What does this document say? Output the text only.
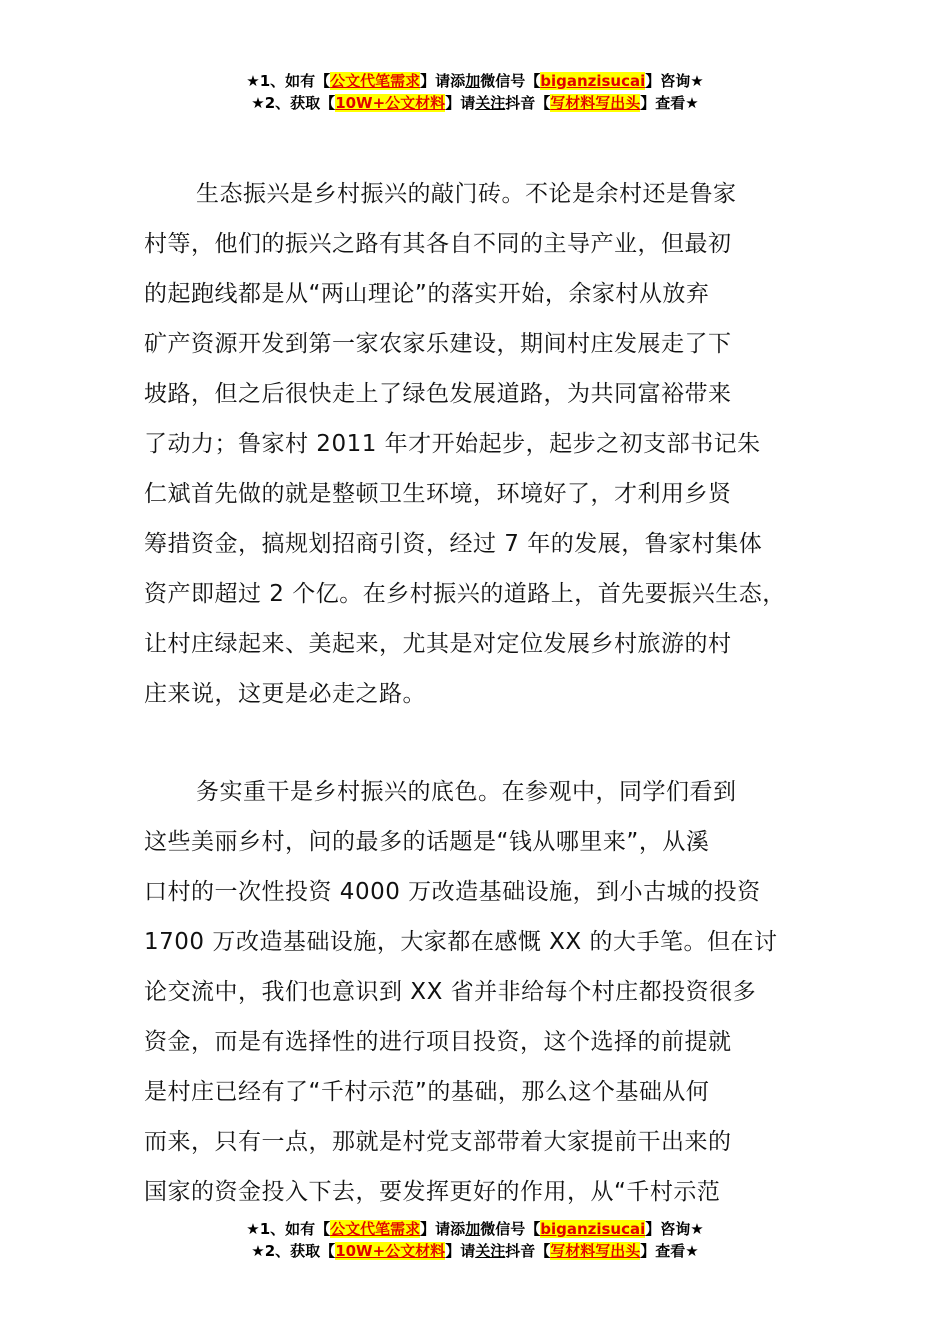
★1、如有【公文代笔需求】请添加微信号【biganzisucai】咨询★
★2、获取【10W+公文材料】请关注抖音【写材料写出头】查看★
生态振兴是乡村振兴的敲门砖。不论是余村还是鲁家
村等，他们的振兴之路有其各自不同的主导产业，但最初
的起跑线都是从“两山理论”的落实开始，余家村从放弃
矿产资源开发到第一家农家乐建设，期间村庄发展走了下
坡路，但之后很快走上了绿色发展道路，为共同富裕带来
了动力；鲁家村 2011 年才开始起步，起步之初支部书记朱
仁斌首先做的就是整顿卫生环境，环境好了，才利用乡贤
筹措资金，搞规划招商引资，经过 7 年的发展，鲁家村集体
资产即超过 2 个亿。在乡村振兴的道路上，首先要振兴生态，
让村庄绿起来、美起来，尤其是对定位发展乡村旅游的村
庄来说，这更是必走之路。
务实重干是乡村振兴的底色。在参观中，同学们看到
这些美丽乡村，问的最多的话题是“钱从哪里来”，从溪
口村的一次性投资 4000 万改造基础设施，到小古城的投资
1700 万改造基础设施，大家都在感慨 XX 的大手笔。但在讨
论交流中，我们也意识到 XX 省并非给每个村庄都投资很多
资金，而是有选择性的进行项目投资，这个选择的前提就
是村庄已经有了“千村示范”的基础，那么这个基础从何
而来，只有一点，那就是村党支部带着大家提前干出来的
国家的资金投入下去，要发挥更好的作用，从“千村示范
★1、如有【公文代笔需求】请添加微信号【biganzisucai】咨询★
★2、获取【10W+公文材料】请关注抖音【写材料写出头】查看★
